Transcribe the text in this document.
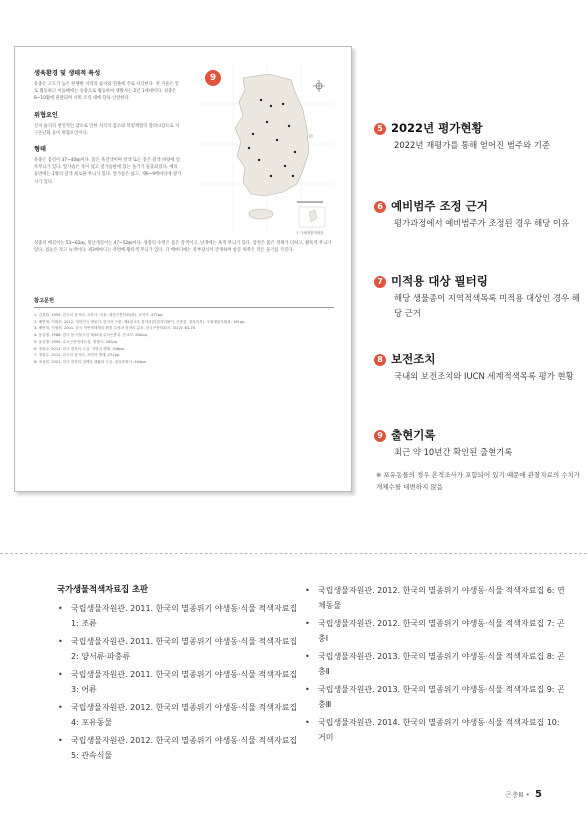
생육환경 및 생태적 특성
유충은 고도가 높은 한랭한 지역의 습지와 연못에 주로 서식한다. 첫 겨울은 알로 월동하고 이듬해에는 유충으로 월동하여 생활사는 2년 1세대이다. 성충은 8~10월에 관찰되며 서쪽 조직 내에 단독 산란한다.
위협요인
산지 습지의 천연적인 감소로 인한 서식지 감소와 복령계열의 잘려나감으로 지구온난화 등이 위협요인이다.
형태
유충은 몸길이 37~40㎜이다. 몸은 흑갈색이며 갈색 또는 짙은 갈색 바탕에 얼룩무늬가 있다. 앞가슴은 폭이 넓고 옆가슴판에 있는 돌기가 돌출되었다. 배의 등면에는 1쌍의 갈색 세로줄 무늬가 있다. 앞가슴은 넓고, 제6~9배마디에 옆가시가 있다.
성충의 배길이는 53~62㎜, 뒷날개길이는 47~52㎜이다. 성충의 수컷은 몸은 갈색이고, 날개에는 흑색 무늬가 있다. 암컷은 몸은 색채가 더하고, 황록색 무늬가 있다. 겹눈은 작고 녹색이다. 제3배마디는 측면에 황록색 무늬가 있다. 각 배마디에는 복부장식이 존재하며 항문 위쪽은 작은 돌기를 가진다.
참고문헌
1. 김정환. 1999. 한국의 잠자리. 교학사. 서울. 대한곤충학회(편). 교학사. 472pp.
2. 배연재, 이태현. 2012. 대한민국 생물지. 한국의 곤충. 제4권 2호 잠자리류(잠자리붙이, 곤충강, 잠자리목). 국립생물자원관. 161pp.
3. 배연재, 이영원. 2001. 한국 자연생태계의 환경 특성과 잠자리 분포. 한국곤충학회지. 31(2): 63-76.
4. 윤일병. 1988. 한국 동·식물도감 제30권 수서곤충류. 문교부. 840pp.
5. 윤일병. 1995. 수서곤충검색도설. 정행사. 262pp.
6. 정광수. 2011. 한국 잠자리 도감. 자연과 생태. 336pp.
7. 정광수. 2012. 한국의 잠자리. 자연과 생태. 272pp.
8. 조성빈. 2021. 한국 잠자리 대백과 생활과 도감. 광일문화사. 404pp.
9
ⓒ 국립생물자원관
5 2022년 평가현황
2022년 재평가를 통해 얻어진 범주와 기준
6 예비범주 조정 근거
평가과정에서 예비범주가 조정된 경우 해당 이유
7 미적용 대상 필터링
해당 생물종이 지역적색목록 미적용 대상인 경우 해당 근거
8 보전조치
국내외 보전조치와 IUCN 세계적색목록 평가 현황
9 출현기록
최근 약 10년간 확인된 출현기록
※ 포유동물의 경우 흔적조사가 포함되어 있기 때문에 관찰자료의 수치가 개체수를 대변하지 않음
국가생물적색자료집 초판
• 국립생물자원관. 2011. 한국의 멸종위기 야생동·식물 적색자료집 1: 조류
• 국립생물자원관. 2011. 한국의 멸종위기 야생동·식물 적색자료집 2: 양서류·파충류
• 국립생물자원관. 2011. 한국의 멸종위기 야생동·식물 적색자료집 3: 어류
• 국립생물자원관. 2012. 한국의 멸종위기 야생동·식물 적색자료집 4: 포유동물
• 국립생물자원관. 2012. 한국의 멸종위기 야생동·식물 적색자료집 5: 관속식물
• 국립생물자원관. 2012. 한국의 멸종위기 야생동·식물 적색자료집 6: 연체동물
• 국립생물자원관. 2012. 한국의 멸종위기 야생동·식물 적색자료집 7: 곤충Ⅰ
• 국립생물자원관. 2013. 한국의 멸종위기 야생동·식물 적색자료집 8: 곤충Ⅱ
• 국립생물자원관. 2013. 한국의 멸종위기 야생동·식물 적색자료집 9: 곤충Ⅲ
• 국립생물자원관. 2014. 한국의 멸종위기 야생동·식물 적색자료집 10: 거미
곤충Ⅲ • 5
